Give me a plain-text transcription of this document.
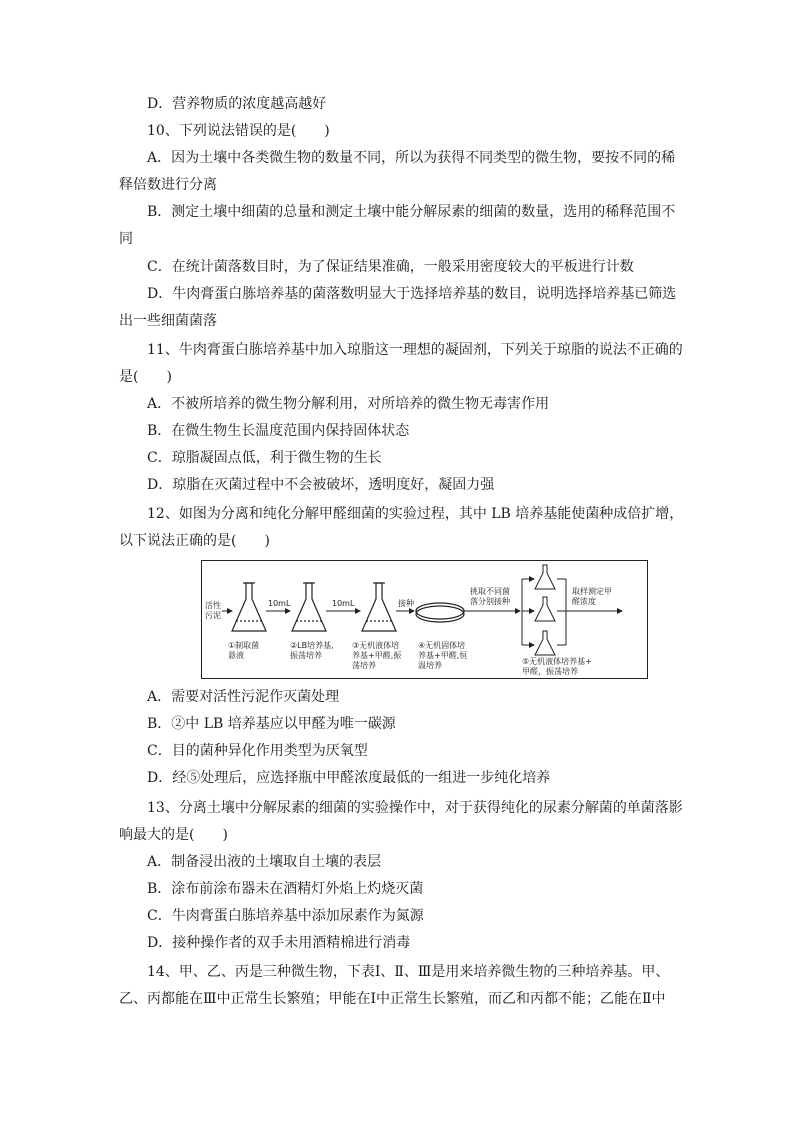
D．营养物质的浓度越高越好
10、下列说法错误的是(　　)
A．因为土壤中各类微生物的数量不同，所以为获得不同类型的微生物，要按不同的稀
释倍数进行分离
B．测定土壤中细菌的总量和测定土壤中能分解尿素的细菌的数量，选用的稀释范围不
同
C．在统计菌落数目时，为了保证结果准确，一般采用密度较大的平板进行计数
D．牛肉膏蛋白胨培养基的菌落数明显大于选择培养基的数目，说明选择培养基已筛选
出一些细菌菌落
11、牛肉膏蛋白胨培养基中加入琼脂这一理想的凝固剂，下列关于琼脂的说法不正确的
是(　　)
A．不被所培养的微生物分解利用，对所培养的微生物无毒害作用
B．在微生物生长温度范围内保持固体状态
C．琼脂凝固点低，利于微生物的生长
D．琼脂在灭菌过程中不会被破坏，透明度好，凝固力强
12、如图为分离和纯化分解甲醛细菌的实验过程，其中 LB 培养基能使菌种成倍扩增，
以下说法正确的是(　　)
活性
污泥
10mL	10mL	接种
挑取不同菌
落分别接种
取样测定甲
醛浓度
①制取菌
悬液
②LB培养基,
振荡培养
③无机液体培
养基+甲醛,振
荡培养
④无机固体培
养基+甲醛,恒
温培养	⑤无机液体培养基+
甲醛，振荡培养
A．需要对活性污泥作灭菌处理
B．②中 LB 培养基应以甲醛为唯一碳源
C．目的菌种异化作用类型为厌氧型
D．经⑤处理后，应选择瓶中甲醛浓度最低的一组进一步纯化培养
13、分离土壤中分解尿素的细菌的实验操作中，对于获得纯化的尿素分解菌的单菌落影
响最大的是(　　)
A．制备浸出液的土壤取自土壤的表层
B．涂布前涂布器未在酒精灯外焰上灼烧灭菌
C．牛肉膏蛋白胨培养基中添加尿素作为氮源
D．接种操作者的双手未用酒精棉进行消毒
14、甲、乙、丙是三种微生物，下表Ⅰ、Ⅱ、Ⅲ是用来培养微生物的三种培养基。甲、
乙、丙都能在Ⅲ中正常生长繁殖；甲能在Ⅰ中正常生长繁殖，而乙和丙都不能；乙能在Ⅱ中
